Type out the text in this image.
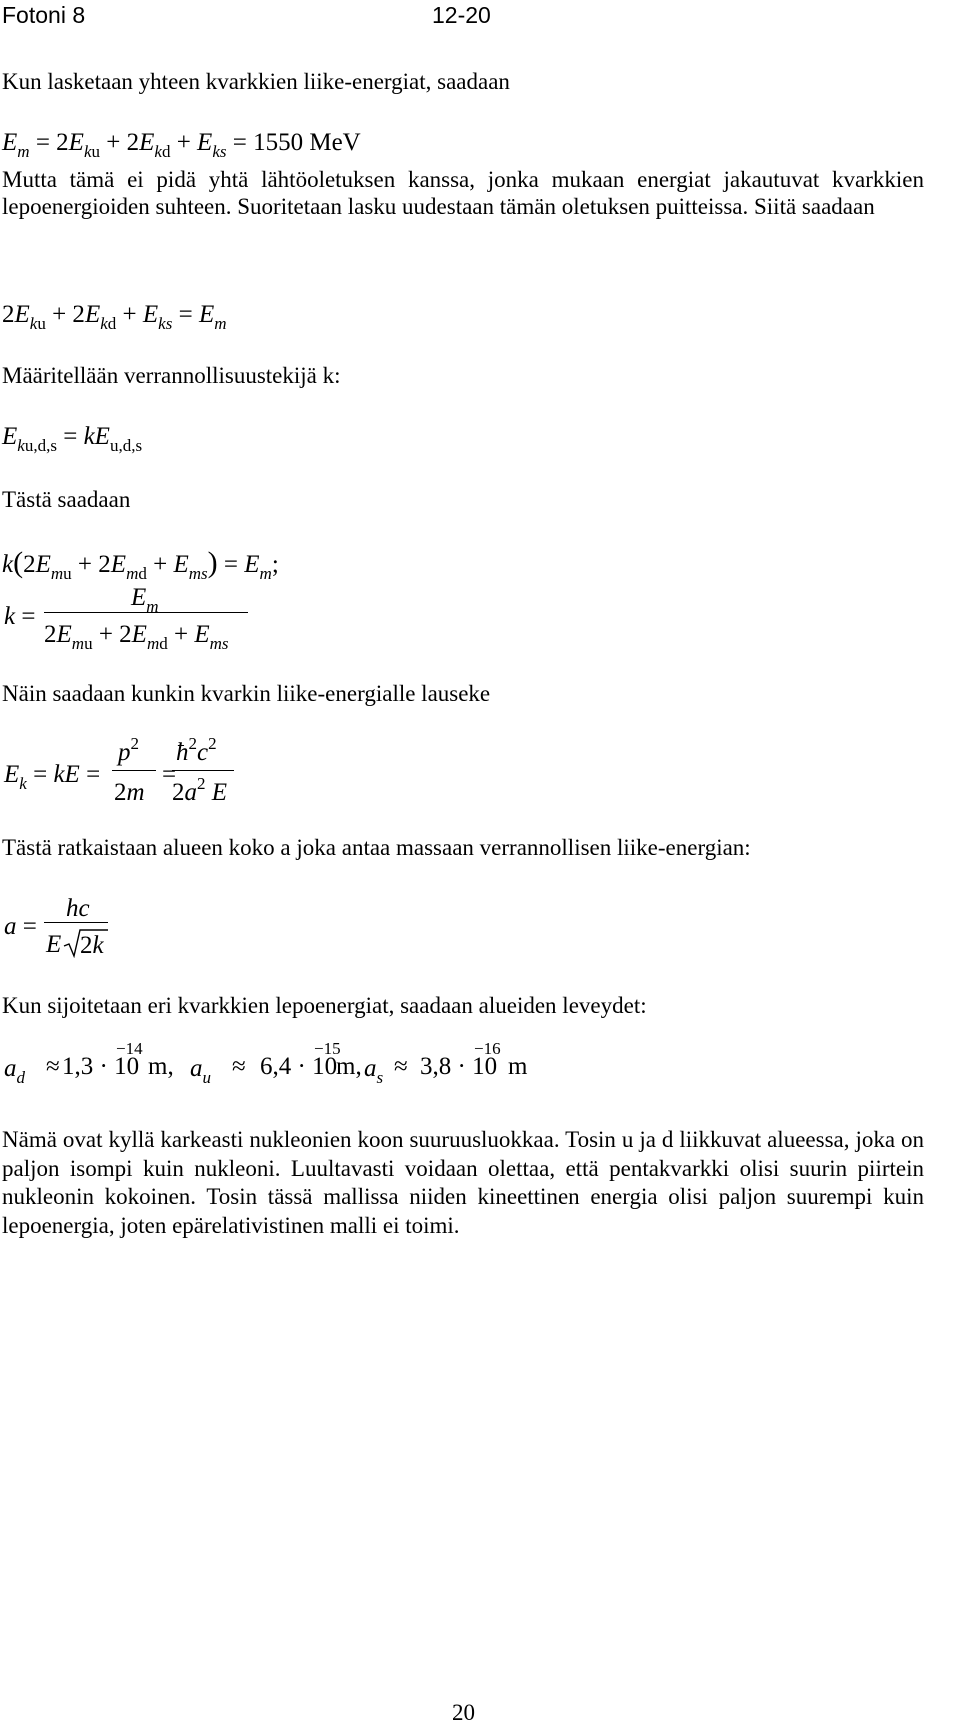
Fotoni 8	12-20
Kun lasketaan yhteen kvarkkien liike-energiat, saadaan
$E_m = 2E_{ku} + 2E_{kd} + E_{ks} = 1550$ MeV
Mutta tämä ei pidä yhtä lähtöoletuksen kanssa, jonka mukaan energiat jakautuvat kvarkkien lepoenergioiden suhteen. Suoritetaan lasku uudestaan tämän oletuksen puitteissa. Siitä saadaan
$2E_{ku} + 2E_{kd} + E_{ks} = E_m$
Määritellään verrannollisuustekijä k:
$E_{ku,d,s} = kE_{u,d,s}$
Tästä saadaan
$k(2E_{mu} + 2E_{md} + E_{ms}) = E_m$;
k =
$E_m$
$2E_{mu} + 2E_{md} + E_{ms}$
Näin saadaan kunkin kvarkin liike-energialle lauseke
$E_k$ = kE =
$p^2$
2m
=
$ħ^2c^2$
$2a^2$ E
Tästä ratkaistaan alueen koko a joka antaa massaan verrannollisen liike-energian:
a =
hc
E 2k
Kun sijoitetaan eri kvarkkien lepoenergiat, saadaan alueiden leveydet:
$a_d \approx 1,3 \cdot 10$
−14
m, $a_u \approx 6,4 \cdot 10$
−15
m, $a_s \approx 3,8 \cdot 10$
−16
m
Nämä ovat kyllä karkeasti nukleonien koon suuruusluokkaa. Tosin u ja d liikkuvat alueessa, joka on paljon isompi kuin nukleoni. Luultavasti voidaan olettaa, että pentakvarkki olisi suurin piirtein nukleonin kokoinen. Tosin tässä mallissa niiden kineettinen energia olisi paljon suurempi kuin lepoenergia, joten epärelativistinen malli ei toimi.
20
